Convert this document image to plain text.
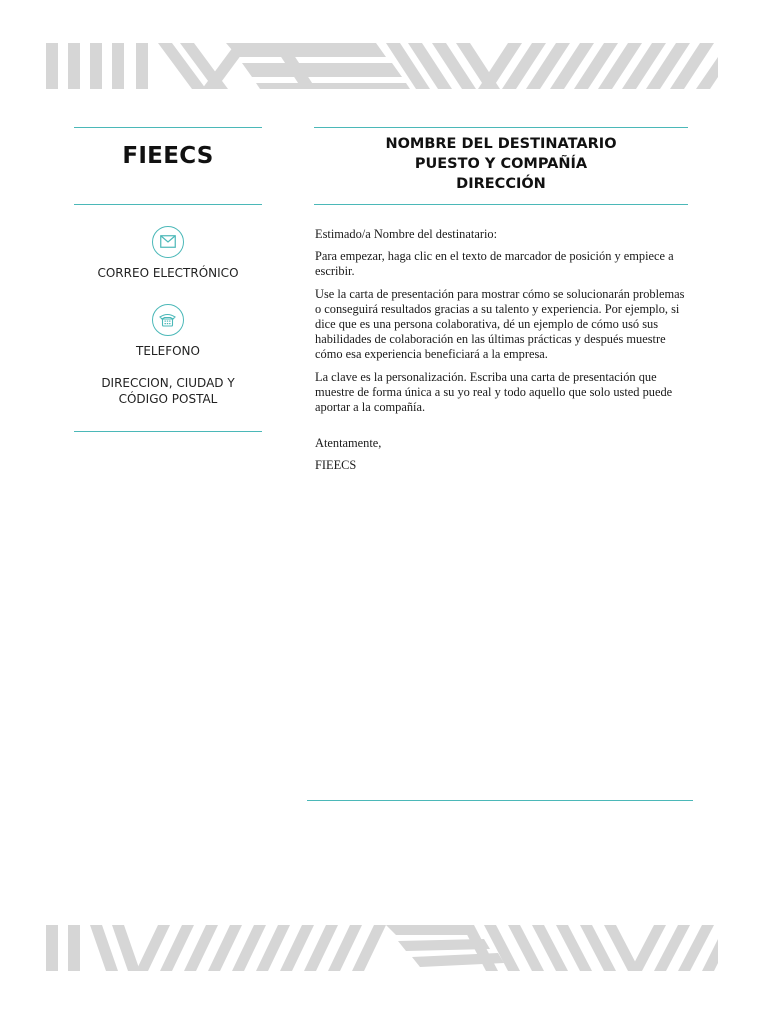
FIEECS
CORREO ELECTRÓNICO
TELEFONO
DIRECCION, CIUDAD Y
CÓDIGO POSTAL
NOMBRE DEL DESTINATARIO
PUESTO Y COMPAÑÍA
DIRECCIÓN

Estimado/a Nombre del destinatario:

Para empezar, haga clic en el texto de marcador de posición y empiece a escribir.

Use la carta de presentación para mostrar cómo se solucionarán problemas o conseguirá resultados gracias a su talento y experiencia. Por ejemplo, si dice que es una persona colaborativa, dé un ejemplo de cómo usó sus habilidades de colaboración en las últimas prácticas y después muestre cómo esa experiencia beneficiará a la empresa.

La clave es la personalización. Escriba una carta de presentación que muestre de forma única a su yo real y todo aquello que solo usted puede aportar a la compañía.

Atentamente,

FIEECS
